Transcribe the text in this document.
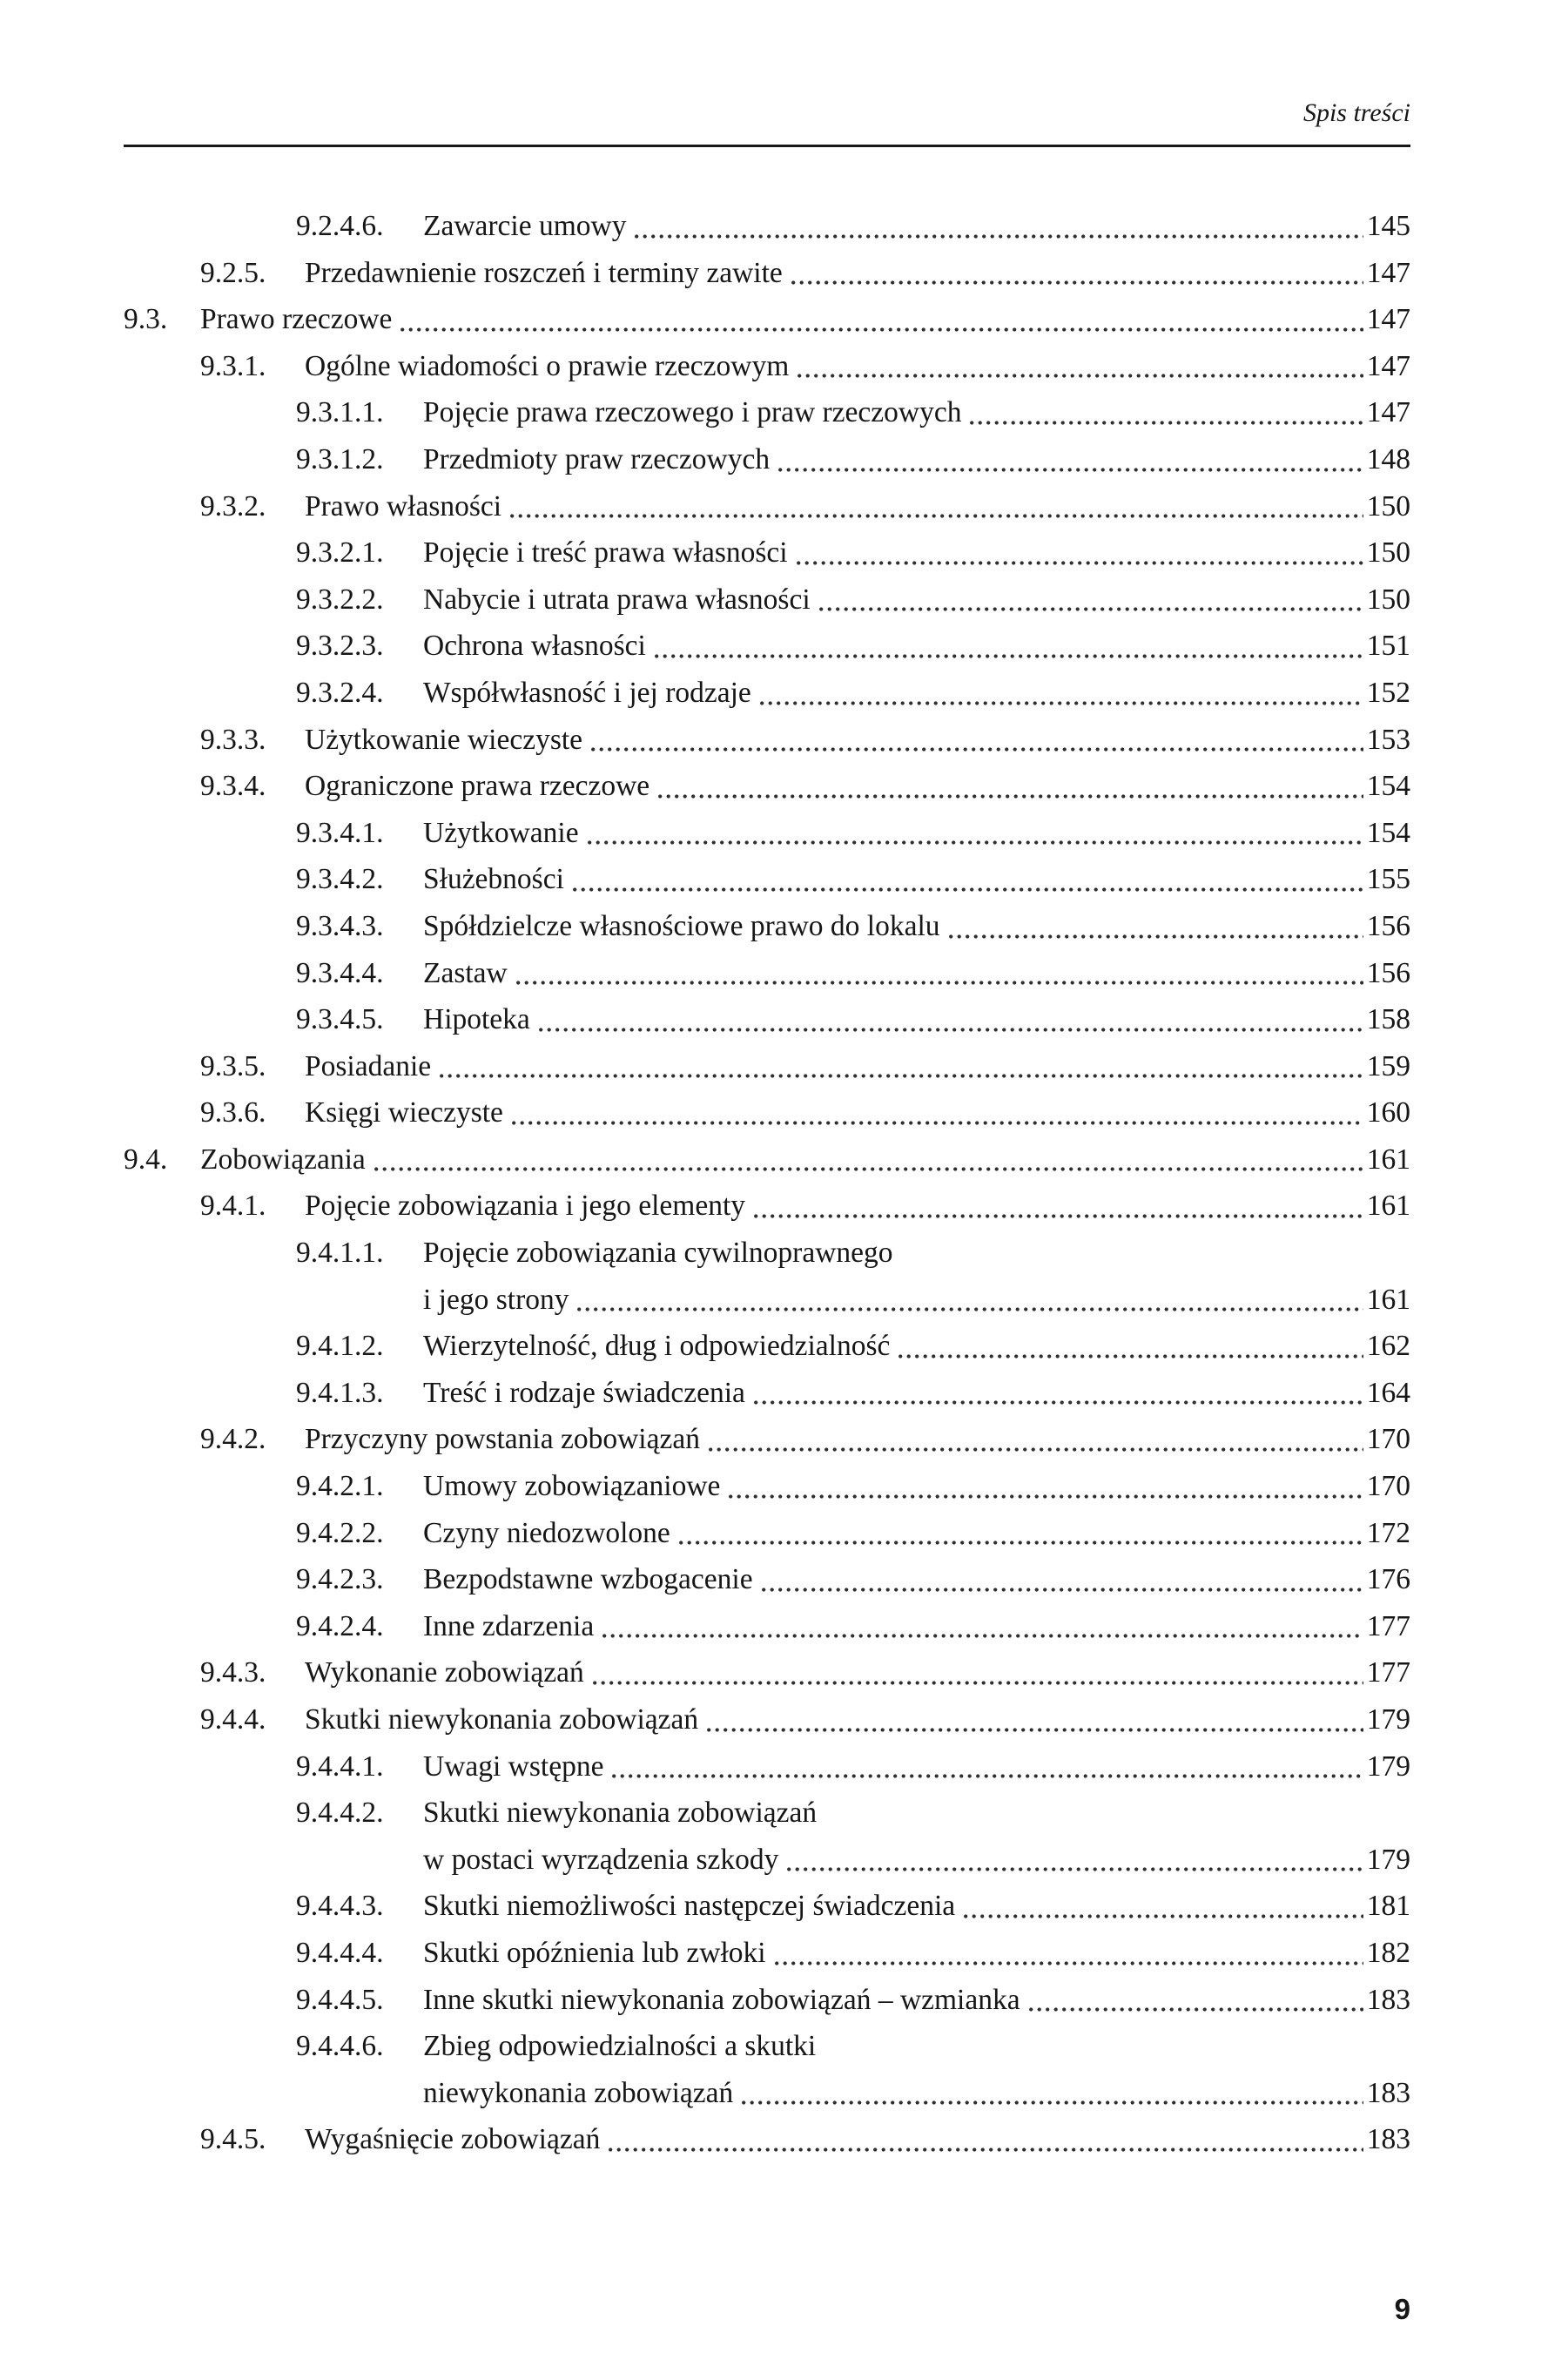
Spis treści
9.2.4.6.	Zawarcie umowy	145
9.2.5.	Przedawnienie roszczeń i terminy zawite	147
9.3.	Prawo rzeczowe	147
9.3.1.	Ogólne wiadomości o prawie rzeczowym	147
9.3.1.1.	Pojęcie prawa rzeczowego i praw rzeczowych	147
9.3.1.2.	Przedmioty praw rzeczowych	148
9.3.2.	Prawo własności	150
9.3.2.1.	Pojęcie i treść prawa własności	150
9.3.2.2.	Nabycie i utrata prawa własności	150
9.3.2.3.	Ochrona własności	151
9.3.2.4.	Współwłasność i jej rodzaje	152
9.3.3.	Użytkowanie wieczyste	153
9.3.4.	Ograniczone prawa rzeczowe	154
9.3.4.1.	Użytkowanie	154
9.3.4.2.	Służebności	155
9.3.4.3.	Spółdzielcze własnościowe prawo do lokalu	156
9.3.4.4.	Zastaw	156
9.3.4.5.	Hipoteka	158
9.3.5.	Posiadanie	159
9.3.6.	Księgi wieczyste	160
9.4.	Zobowiązania	161
9.4.1.	Pojęcie zobowiązania i jego elementy	161
9.4.1.1.	Pojęcie zobowiązania cywilnoprawnego
i jego strony	161
9.4.1.2.	Wierzytelność, dług i odpowiedzialność	162
9.4.1.3.	Treść i rodzaje świadczenia	164
9.4.2.	Przyczyny powstania zobowiązań	170
9.4.2.1.	Umowy zobowiązaniowe	170
9.4.2.2.	Czyny niedozwolone	172
9.4.2.3.	Bezpodstawne wzbogacenie	176
9.4.2.4.	Inne zdarzenia	177
9.4.3.	Wykonanie zobowiązań	177
9.4.4.	Skutki niewykonania zobowiązań	179
9.4.4.1.	Uwagi wstępne	179
9.4.4.2.	Skutki niewykonania zobowiązań
w postaci wyrządzenia szkody	179
9.4.4.3.	Skutki niemożliwości następczej świadczenia	181
9.4.4.4.	Skutki opóźnienia lub zwłoki	182
9.4.4.5.	Inne skutki niewykonania zobowiązań – wzmianka	183
9.4.4.6.	Zbieg odpowiedzialności a skutki
niewykonania zobowiązań	183
9.4.5.	Wygaśnięcie zobowiązań	183
9
